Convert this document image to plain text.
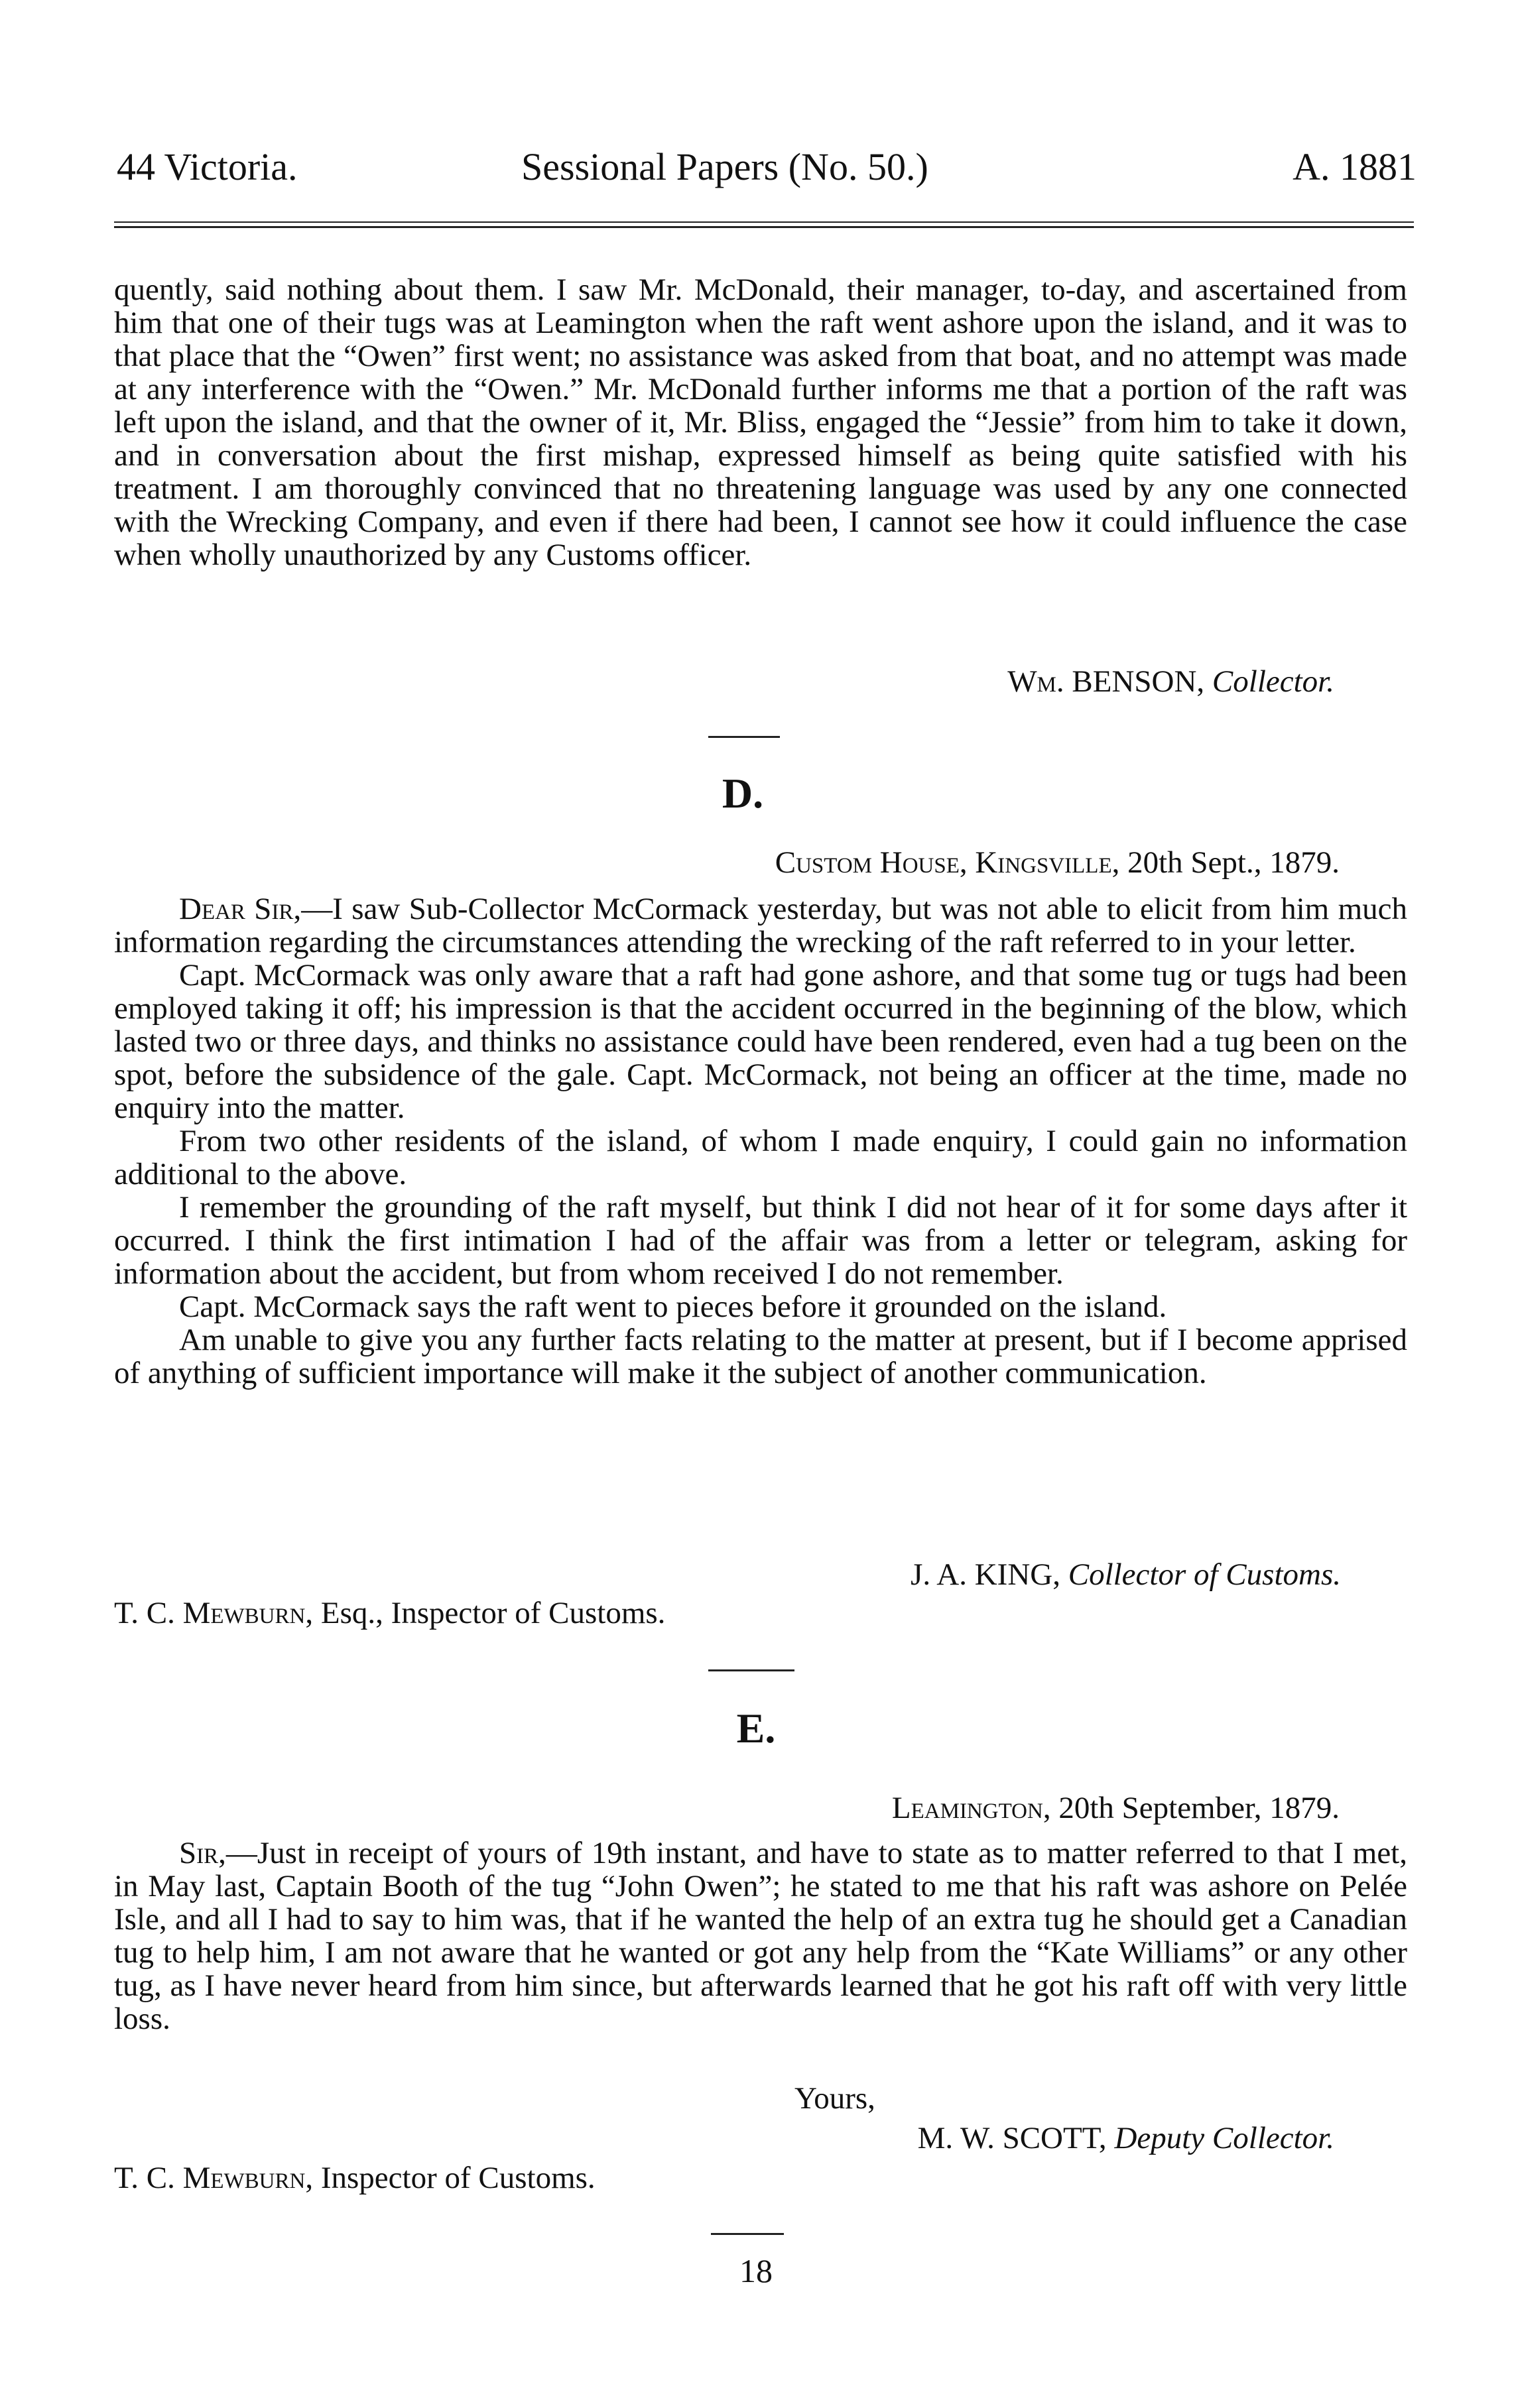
44 Victoria.	Sessional Papers (No. 50.)	A. 1881

quently, said nothing about them. I saw Mr. McDonald, their manager, to-day, and ascertained from him that one of their tugs was at Leamington when the raft went ashore upon the island, and it was to that place that the “Owen” first went; no assistance was asked from that boat, and no attempt was made at any interference with the “Owen.” Mr. McDonald further informs me that a portion of the raft was left upon the island, and that the owner of it, Mr. Bliss, engaged the “Jessie” from him to take it down, and in conversation about the first mishap, expressed himself as being quite satisfied with his treatment. I am thoroughly convinced that no threatening language was used by any one connected with the Wrecking Company, and even if there had been, I cannot see how it could influence the case when wholly unauthorized by any Customs officer.

Wm. BENSON, Collector.
D.
Custom House, Kingsville, 20th Sept., 1879.

Dear Sir,—I saw Sub-Collector McCormack yesterday, but was not able to elicit from him much information regarding the circumstances attending the wrecking of the raft referred to in your letter.

Capt. McCormack was only aware that a raft had gone ashore, and that some tug or tugs had been employed taking it off; his impression is that the accident occurred in the beginning of the blow, which lasted two or three days, and thinks no assistance could have been rendered, even had a tug been on the spot, before the subsidence of the gale. Capt. McCormack, not being an officer at the time, made no enquiry into the matter.

From two other residents of the island, of whom I made enquiry, I could gain no information additional to the above.

I remember the grounding of the raft myself, but think I did not hear of it for some days after it occurred. I think the first intimation I had of the affair was from a letter or telegram, asking for information about the accident, but from whom received I do not remember.

Capt. McCormack says the raft went to pieces before it grounded on the island.

Am unable to give you any further facts relating to the matter at present, but if I become apprised of anything of sufficient importance will make it the subject of another communication.

J. A. KING, Collector of Customs.
T. C. Mewburn, Esq., Inspector of Customs.
E.
Leamington, 20th September, 1879.

Sir,—Just in receipt of yours of 19th instant, and have to state as to matter referred to that I met, in May last, Captain Booth of the tug “John Owen”; he stated to me that his raft was ashore on Pelée Isle, and all I had to say to him was, that if he wanted the help of an extra tug he should get a Canadian tug to help him, I am not aware that he wanted or got any help from the “Kate Williams” or any other tug, as I have never heard from him since, but afterwards learned that he got his raft off with very little loss.

Yours,
M. W. SCOTT, Deputy Collector.
T. C. Mewburn, Inspector of Customs.
18
